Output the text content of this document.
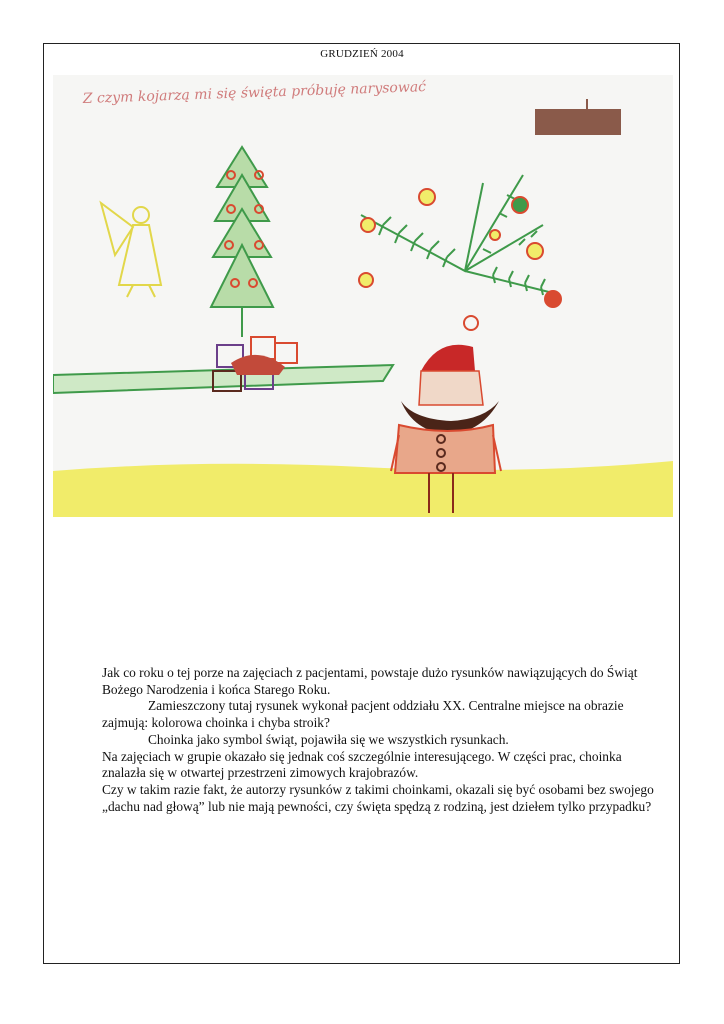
GRUDZIEŃ 2004
Z czym kojarzą mi się święta próbuję narysować

Jak co roku o tej porze na zajęciach z pacjentami, powstaje dużo rysunków nawiązujących do Świąt Bożego Narodzenia i końca Starego Roku.

Zamieszczony tutaj rysunek wykonał pacjent oddziału XX. Centralne miejsce na obrazie zajmują: kolorowa choinka i chyba stroik?

Choinka jako symbol świąt, pojawiła się we wszystkich rysunkach.

Na zajęciach w grupie okazało się jednak coś szczególnie interesującego. W części prac, choinka znalazła się w otwartej przestrzeni zimowych krajobrazów.

Czy w takim razie fakt, że autorzy rysunków z takimi choinkami, okazali się być osobami bez swojego „dachu nad głową” lub nie mają pewności, czy święta spędzą z rodziną, jest dziełem tylko przypadku?
